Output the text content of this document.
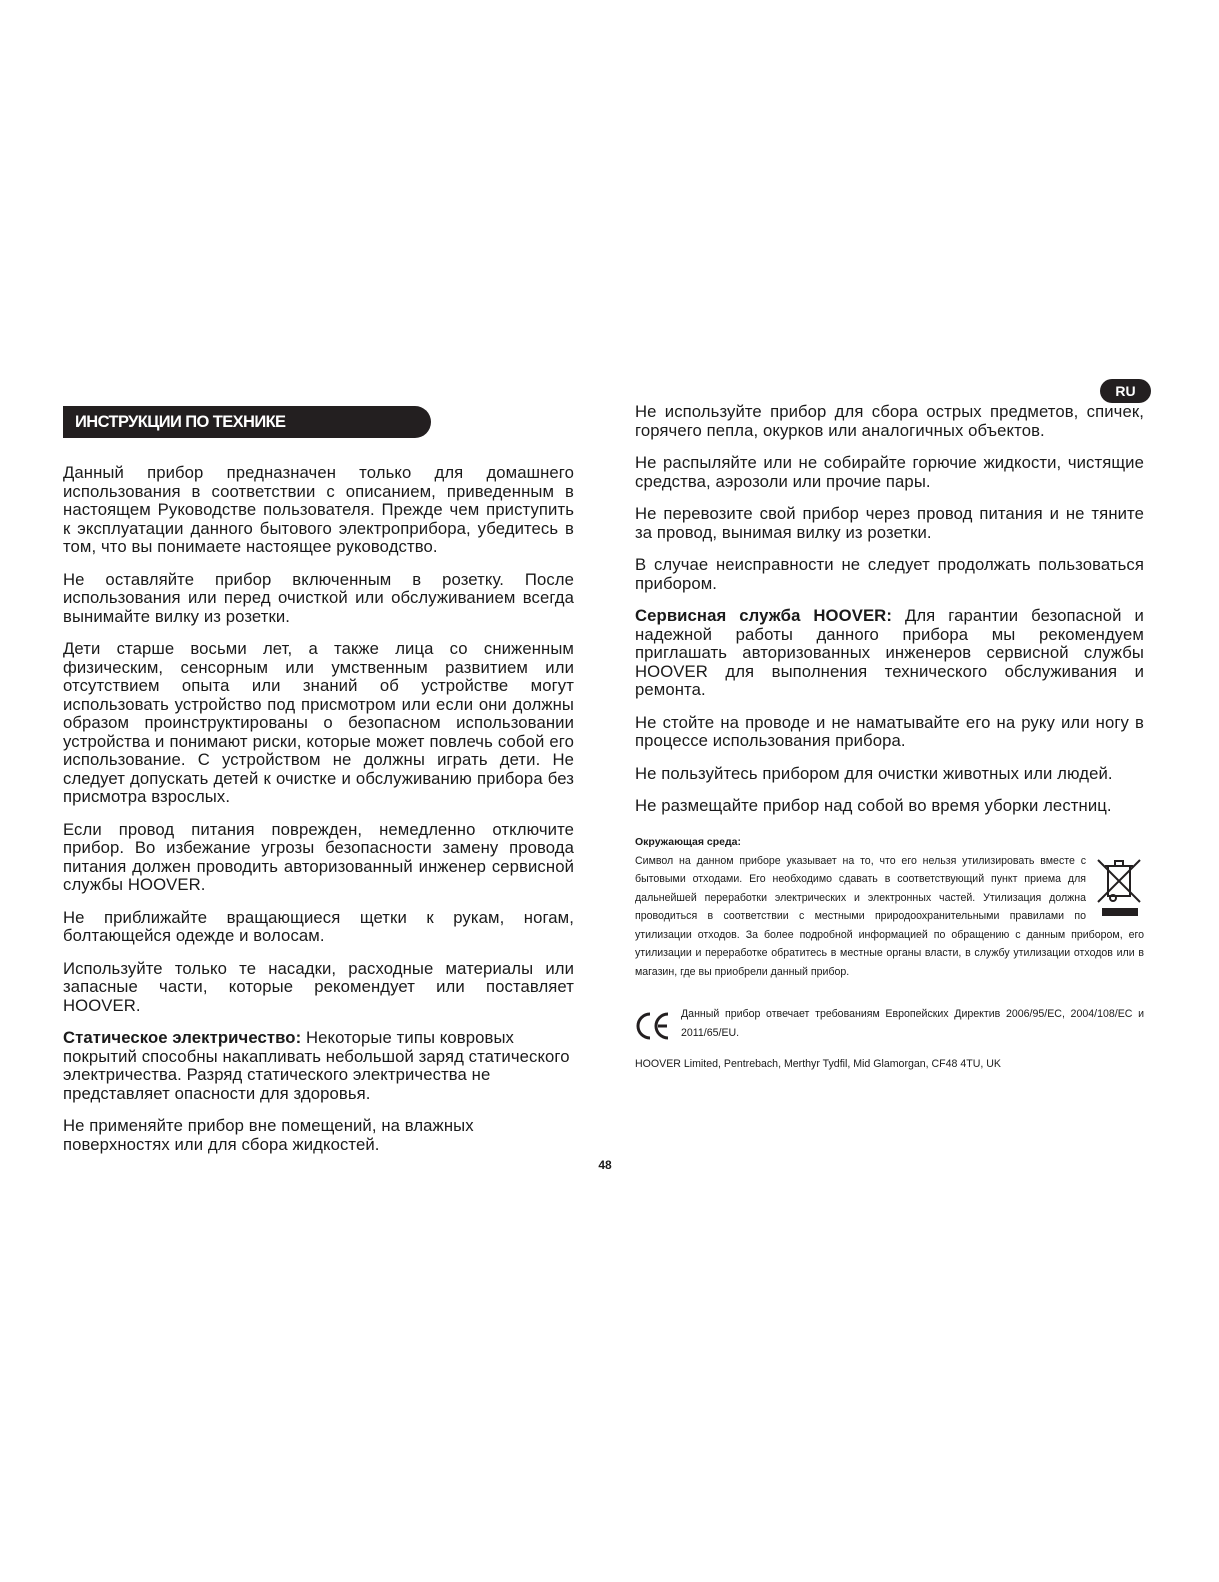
RU
ИНСТРУКЦИИ ПО ТЕХНИКЕ БЕЗОПАСНОСТИ

Данный прибор предназначен только для домашнего использования в соответствии с описанием, приведенным в настоящем Руководстве пользователя. Прежде чем приступить к эксплуатации данного бытового электроприбора, убедитесь в том, что вы понимаете настоящее руководство.

Не оставляйте прибор включенным в розетку. После использования или перед очисткой или обслуживанием всегда вынимайте вилку из розетки.

Дети старше восьми лет, а также лица со сниженным физическим, сенсорным или умственным развитием или отсутствием опыта или знаний об устройстве могут использовать устройство под присмотром или если они должны образом проинструктированы о безопасном использовании устройства и понимают риски, которые может повлечь собой его использование. С устройством не должны играть дети. Не следует допускать детей к очистке и обслуживанию прибора без присмотра взрослых.

Если провод питания поврежден, немедленно отключите прибор. Во избежание угрозы безопасности замену провода питания должен проводить авторизованный инженер сервисной службы HOOVER.

Не приближайте вращающиеся щетки к рукам, ногам, болтающейся одежде и волосам.

Используйте только те насадки, расходные материалы или запасные части, которые рекомендует или поставляет HOOVER.

Статическое электричество: Некоторые типы ковровых покрытий способны накапливать небольшой заряд статического электричества. Разряд статического электричества не представляет опасности для здоровья.

Не применяйте прибор вне помещений, на влажных поверхностях или для сбора жидкостей.

Не используйте прибор для сбора острых предметов, спичек, горячего пепла, окурков или аналогичных объектов.

Не распыляйте или не собирайте горючие жидкости, чистящие средства, аэрозоли или прочие пары.

Не перевозите свой прибор через провод питания и не тяните за провод, вынимая вилку из розетки.

В случае неисправности не следует продолжать пользоваться прибором.

Сервисная служба HOOVER: Для гарантии безопасной и надежной работы данного прибора мы рекомендуем приглашать авторизованных инженеров сервисной службы HOOVER для выполнения технического обслуживания и ремонта.

Не стойте на проводе и не наматывайте его на руку или ногу в процессе использования прибора.

Не пользуйтесь прибором для очистки животных или людей.

Не размещайте прибор над собой во время уборки лестниц.

Окружающая среда:
Символ на данном приборе указывает на то, что его нельзя утилизировать вместе с бытовыми отходами. Его необходимо сдавать в соответствующий пункт приема для дальнейшей переработки электрических и электронных частей. Утилизация должна проводиться в соответствии с местными природоохранительными правилами по утилизации отходов. За более подробной информацией по обращению с данным прибором, его утилизации и переработке обратитесь в местные органы власти, в службу утилизации отходов или в магазин, где вы приобрели данный прибор.
Данный прибор отвечает требованиям Европейских Директив 2006/95/EC, 2004/108/EC и 2011/65/EU.
HOOVER Limited, Pentrebach, Merthyr Tydfil, Mid Glamorgan, CF48 4TU, UK
48
